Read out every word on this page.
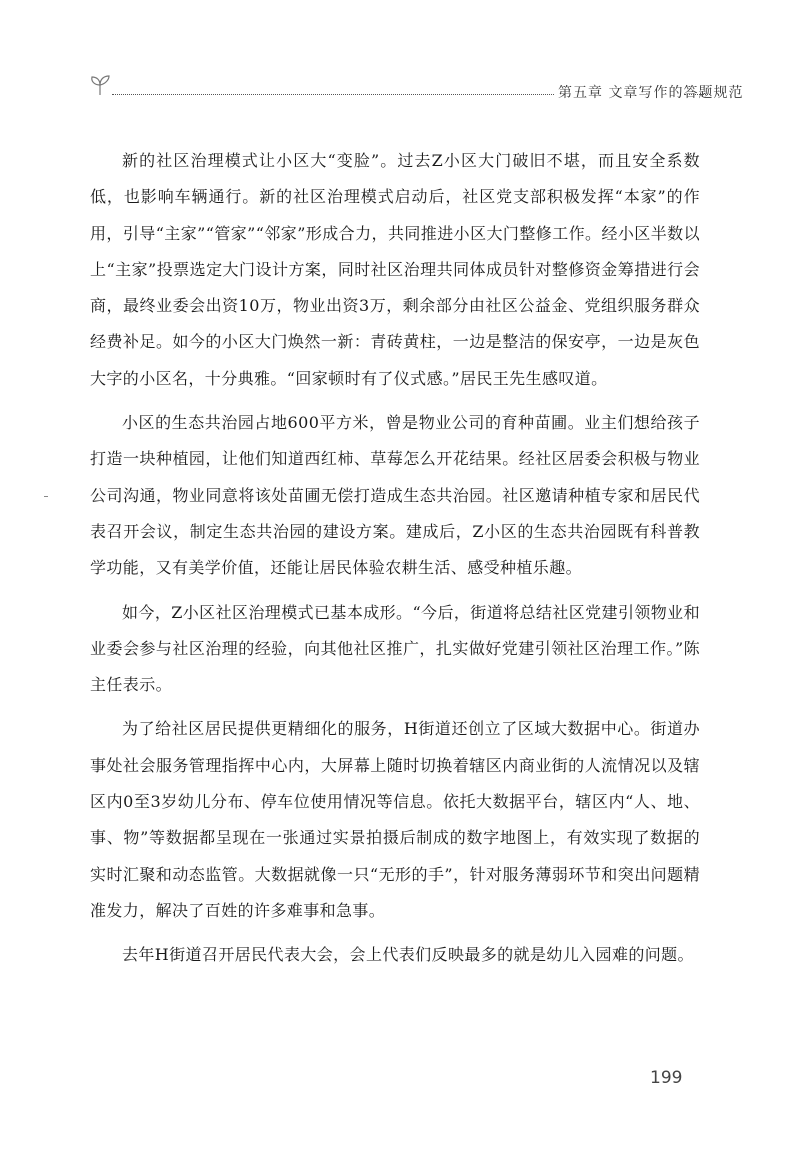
第五章 文章写作的答题规范

新的社区治理模式让小区大“变脸”。过去Z小区大门破旧不堪，而且安全系数低，也影响车辆通行。新的社区治理模式启动后，社区党支部积极发挥“本家”的作用，引导“主家”“管家”“邻家”形成合力，共同推进小区大门整修工作。经小区半数以上“主家”投票选定大门设计方案，同时社区治理共同体成员针对整修资金筹措进行会商，最终业委会出资10万，物业出资3万，剩余部分由社区公益金、党组织服务群众经费补足。如今的小区大门焕然一新：青砖黄柱，一边是整洁的保安亭，一边是灰色大字的小区名，十分典雅。“回家顿时有了仪式感。”居民王先生感叹道。

小区的生态共治园占地600平方米，曾是物业公司的育种苗圃。业主们想给孩子打造一块种植园，让他们知道西红柿、草莓怎么开花结果。经社区居委会积极与物业公司沟通，物业同意将该处苗圃无偿打造成生态共治园。社区邀请种植专家和居民代表召开会议，制定生态共治园的建设方案。建成后，Z小区的生态共治园既有科普教学功能，又有美学价值，还能让居民体验农耕生活、感受种植乐趣。

如今，Z小区社区治理模式已基本成形。“今后，街道将总结社区党建引领物业和业委会参与社区治理的经验，向其他社区推广，扎实做好党建引领社区治理工作。”陈主任表示。

为了给社区居民提供更精细化的服务，H街道还创立了区域大数据中心。街道办事处社会服务管理指挥中心内，大屏幕上随时切换着辖区内商业街的人流情况以及辖区内0至3岁幼儿分布、停车位使用情况等信息。依托大数据平台，辖区内“人、地、事、物”等数据都呈现在一张通过实景拍摄后制成的数字地图上，有效实现了数据的实时汇聚和动态监管。大数据就像一只“无形的手”，针对服务薄弱环节和突出问题精准发力，解决了百姓的许多难事和急事。

去年H街道召开居民代表大会，会上代表们反映最多的就是幼儿入园难的问题。

199
